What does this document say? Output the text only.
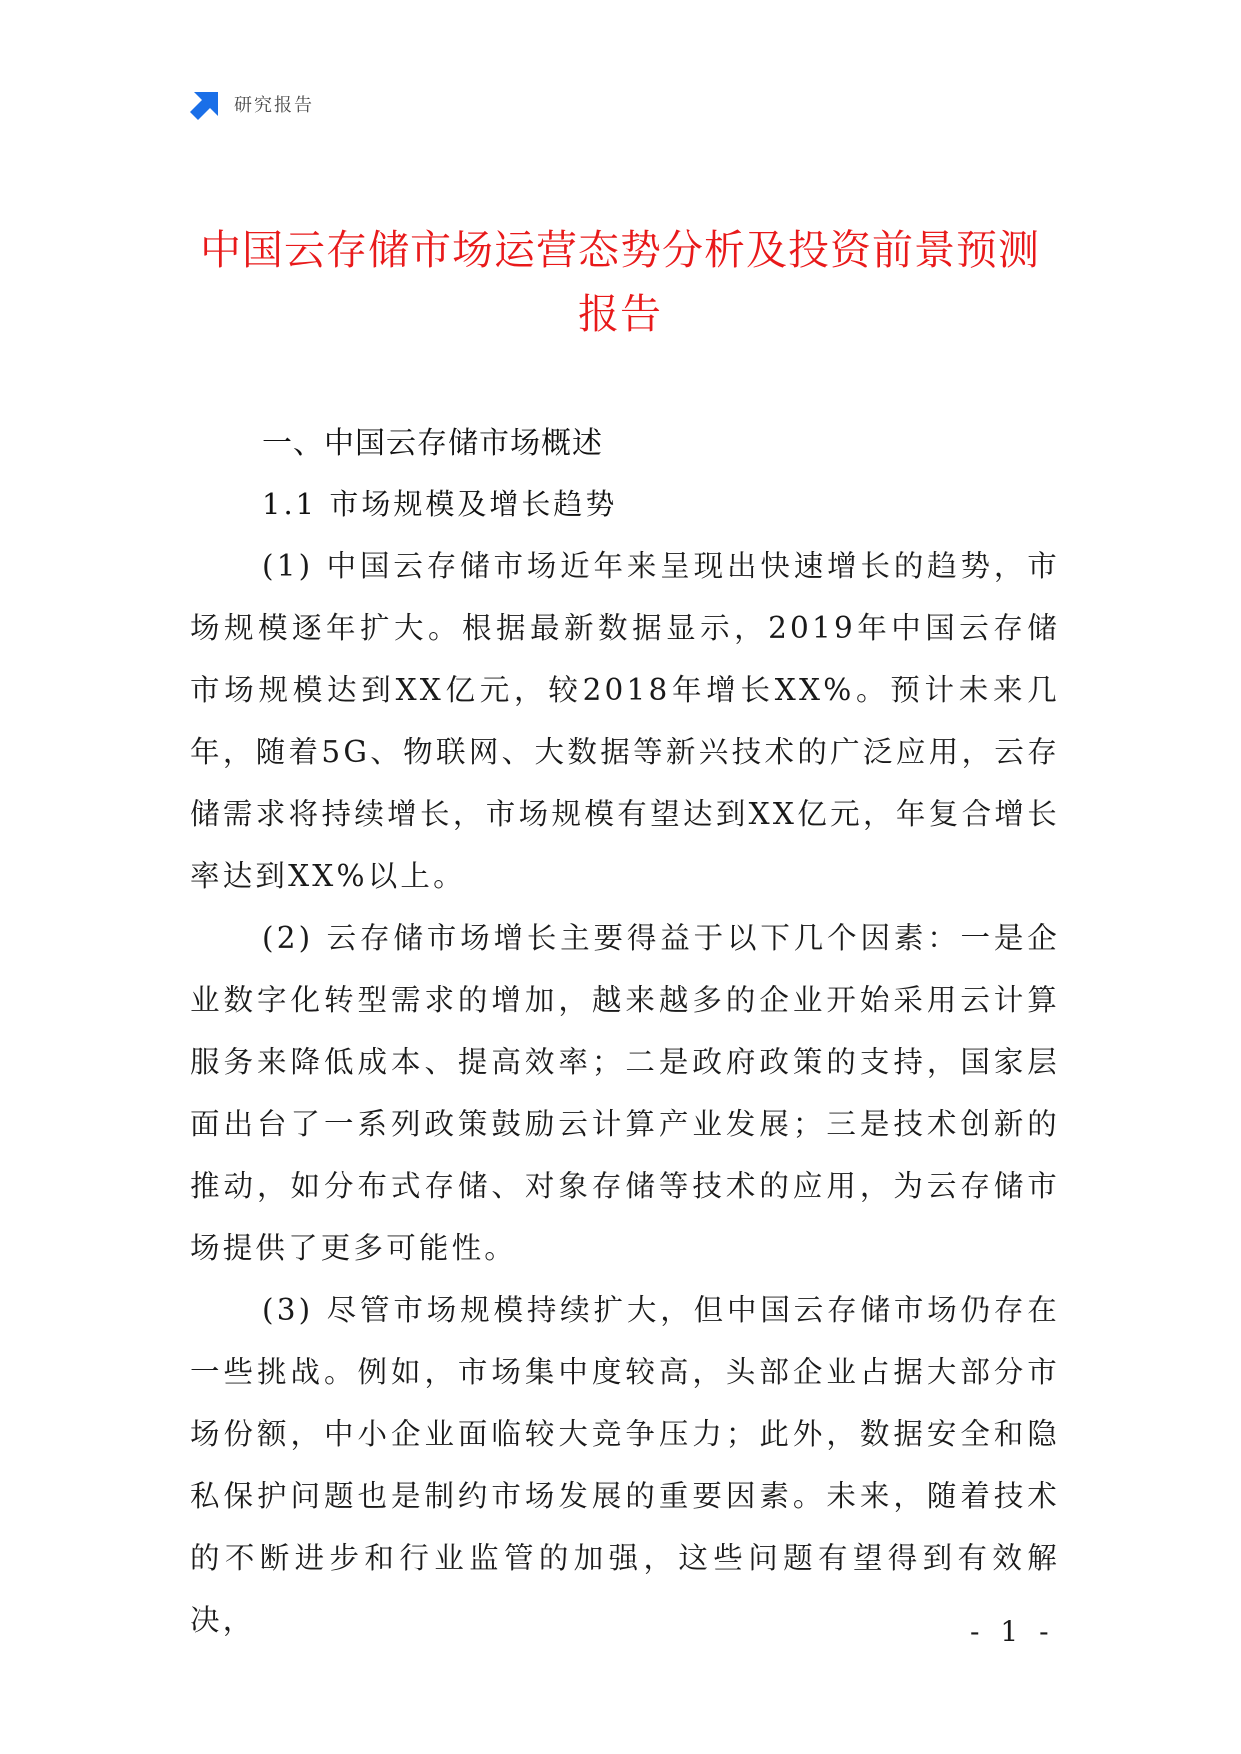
研究报告
中国云存储市场运营态势分析及投资前景预测报告
一、中国云存储市场概述
1.1 市场规模及增长趋势

(1) 中国云存储市场近年来呈现出快速增长的趋势，市场规模逐年扩大。根据最新数据显示，2019年中国云存储市场规模达到XX亿元，较2018年增长XX%。预计未来几年，随着5G、物联网、大数据等新兴技术的广泛应用，云存储需求将持续增长，市场规模有望达到XX亿元，年复合增长率达到XX%以上。

(2) 云存储市场增长主要得益于以下几个因素：一是企业数字化转型需求的增加，越来越多的企业开始采用云计算服务来降低成本、提高效率；二是政府政策的支持，国家层面出台了一系列政策鼓励云计算产业发展；三是技术创新的推动，如分布式存储、对象存储等技术的应用，为云存储市场提供了更多可能性。

(3) 尽管市场规模持续扩大，但中国云存储市场仍存在一些挑战。例如，市场集中度较高，头部企业占据大部分市场份额，中小企业面临较大竞争压力；此外，数据安全和隐私保护问题也是制约市场发展的重要因素。未来，随着技术的不断进步和行业监管的加强，这些问题有望得到有效解决，	- 1 -
